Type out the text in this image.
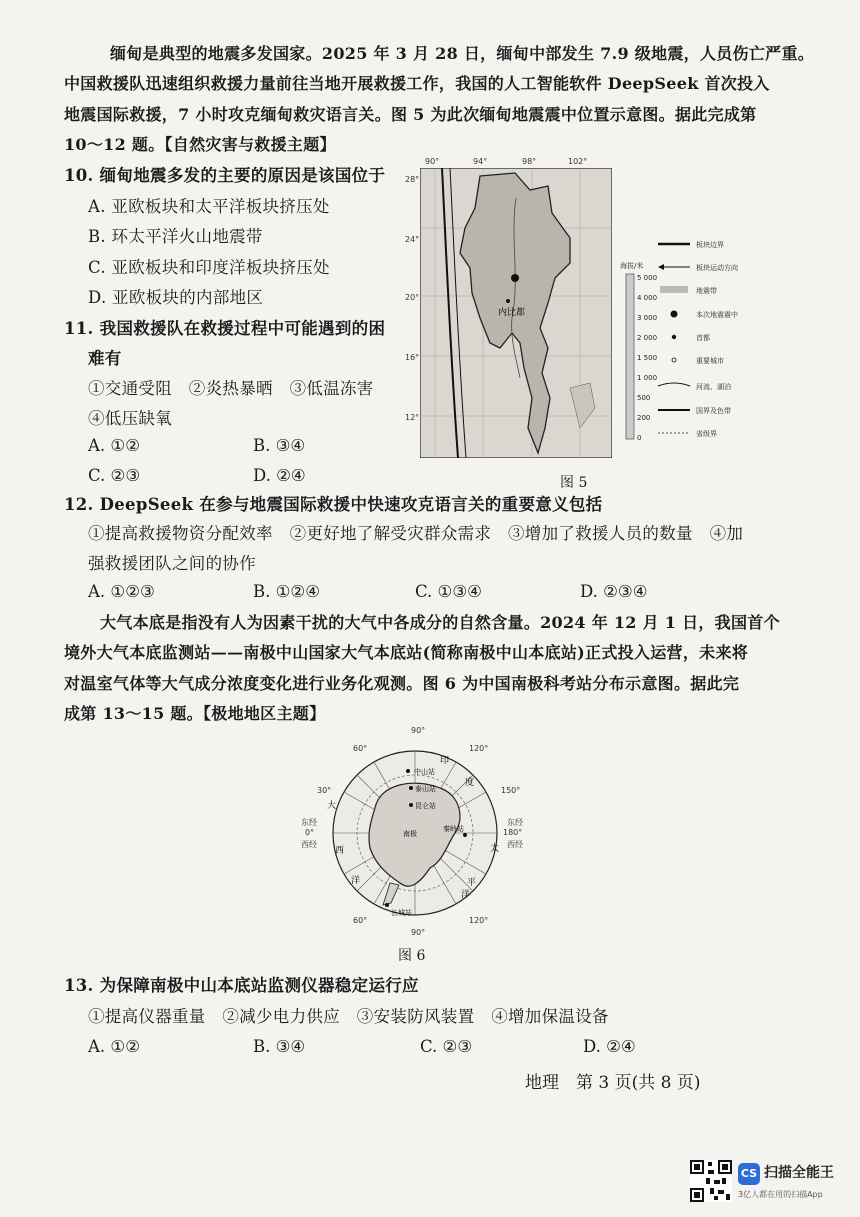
缅甸是典型的地震多发国家。2025 年 3 月 28 日，缅甸中部发生 7.9 级地震，人员伤亡严重。
中国救援队迅速组织救援力量前往当地开展救援工作，我国的人工智能软件 DeepSeek 首次投入
地震国际救援，7 小时攻克缅甸救灾语言关。图 5 为此次缅甸地震震中位置示意图。据此完成第
10～12 题。【自然灾害与救援主题】
10. 缅甸地震多发的主要的原因是该国位于
A. 亚欧板块和太平洋板块挤压处
B. 环太平洋火山地震带
C. 亚欧板块和印度洋板块挤压处
D. 亚欧板块的内部地区
11. 我国救援队在救援过程中可能遇到的困
难有
①交通受阻　②炎热暴晒　③低温冻害
④低压缺氧
A. ①②	B. ③④
C. ②③	D. ②④
内比都
90°	94°	98°	102°
28°
24°
20°
16°
12°
海拔/米
5 000
4 000
3 000
2 000
1 500
1 000
500
200
0
板块边界
板块运动方向
地震带
本次地震震中
首都
重要城市
河流、湖泊
国界及色带
省级界
图 5
12. DeepSeek 在参与地震国际救援中快速攻克语言关的重要意义包括
①提高救援物资分配效率　②更好地了解受灾群众需求　③增加了救援人员的数量　④加
强救援团队之间的协作
A. ①②③	B. ①②④	C. ①③④	D. ②③④
大气本底是指没有人为因素干扰的大气中各成分的自然含量。2024 年 12 月 1 日，我国首个
境外大气本底监测站——南极中山国家大气本底站(简称南极中山本底站)正式投入运营，未来将
对温室气体等大气成分浓度变化进行业务化观测。图 6 为中国南极科考站分布示意图。据此完
成第 13～15 题。【极地地区主题】
中山站
泰山站
昆仑站
秦岭站
长城站
南极
大
西
洋
太
平
洋
印
度
90°
60°	120°
30°	150°
0°	180°
60°	120°
90°
东经
西经
东经
西经
图 6
13. 为保障南极中山本底站监测仪器稳定运行应
①提高仪器重量　②减少电力供应　③安装防风装置　④增加保温设备
A. ①②	B. ③④	C. ②③	D. ②④
地理　第 3 页(共 8 页)
CS 扫描全能王
3亿人都在用的扫描App
